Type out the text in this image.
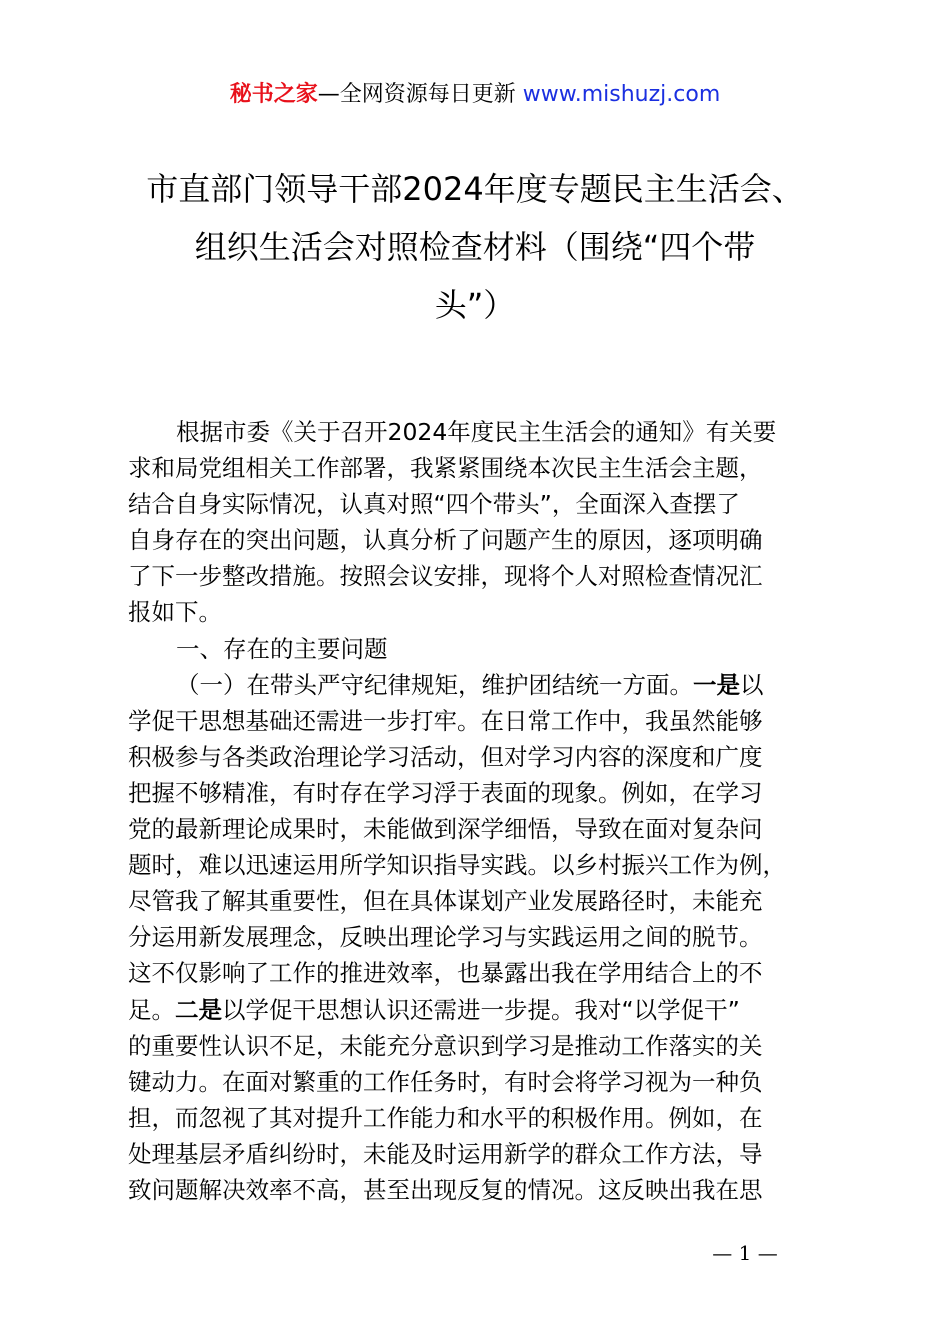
秘书之家—全网资源每日更新 www.mishuzj.com
市直部门领导干部2024年度专题民主生活会、
组织生活会对照检查材料（围绕“四个带
头”）
根据市委《关于召开2024年度民主生活会的通知》有关要
求和局党组相关工作部署，我紧紧围绕本次民主生活会主题，
结合自身实际情况，认真对照“四个带头”，全面深入查摆了
自身存在的突出问题，认真分析了问题产生的原因，逐项明确
了下一步整改措施。按照会议安排，现将个人对照检查情况汇
报如下。
一、存在的主要问题
（一）在带头严守纪律规矩，维护团结统一方面。一是以
学促干思想基础还需进一步打牢。在日常工作中，我虽然能够
积极参与各类政治理论学习活动，但对学习内容的深度和广度
把握不够精准，有时存在学习浮于表面的现象。例如，在学习
党的最新理论成果时，未能做到深学细悟，导致在面对复杂问
题时，难以迅速运用所学知识指导实践。以乡村振兴工作为例，
尽管我了解其重要性，但在具体谋划产业发展路径时，未能充
分运用新发展理念，反映出理论学习与实践运用之间的脱节。
这不仅影响了工作的推进效率，也暴露出我在学用结合上的不
足。二是以学促干思想认识还需进一步提。我对“以学促干”
的重要性认识不足，未能充分意识到学习是推动工作落实的关
键动力。在面对繁重的工作任务时，有时会将学习视为一种负
担，而忽视了其对提升工作能力和水平的积极作用。例如，在
处理基层矛盾纠纷时，未能及时运用新学的群众工作方法，导
致问题解决效率不高，甚至出现反复的情况。这反映出我在思
— 1 —
